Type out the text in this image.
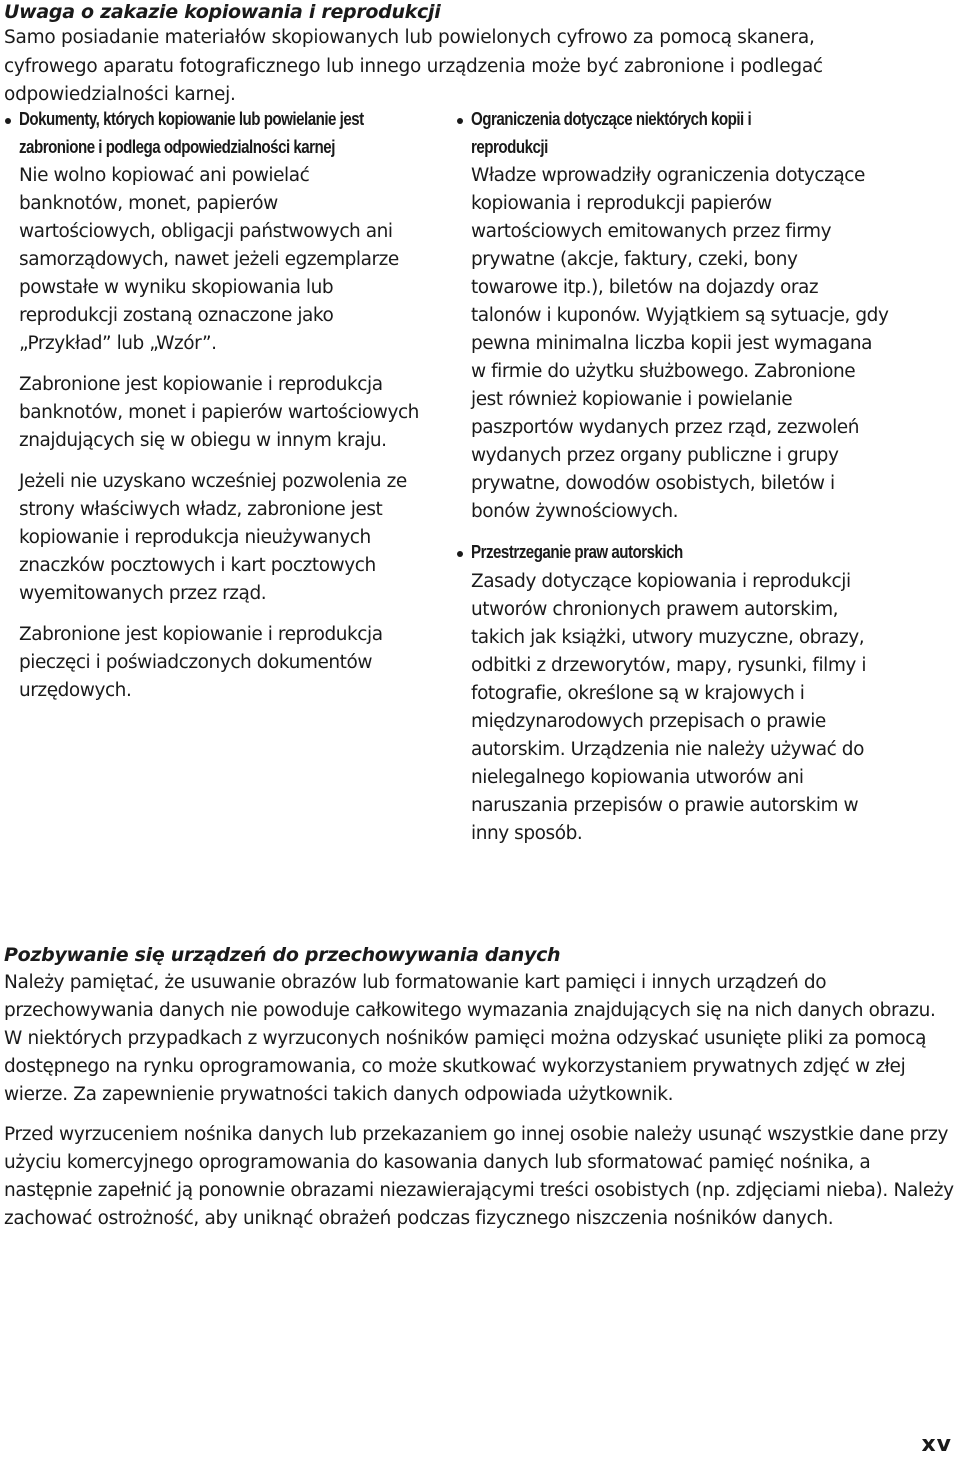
Uwaga o zakazie kopiowania i reprodukcji

Samo posiadanie materiałów skopiowanych lub powielonych cyfrowo za pomocą skanera, cyfrowego aparatu fotograficznego lub innego urządzenia może być zabronione i podlegać odpowiedzialności karnej.

Dokumenty, których kopiowanie lub powielanie jest zabronione i podlega odpowiedzialności karnej

Nie wolno kopiować ani powielać banknotów, monet, papierów wartościowych, obligacji państwowych ani samorządowych, nawet jeżeli egzemplarze powstałe w wyniku skopiowania lub reprodukcji zostaną oznaczone jako „Przykład” lub „Wzór”.

Zabronione jest kopiowanie i reprodukcja banknotów, monet i papierów wartościowych znajdujących się w obiegu w innym kraju.

Jeżeli nie uzyskano wcześniej pozwolenia ze strony właściwych władz, zabronione jest kopiowanie i reprodukcja nieużywanych znaczków pocztowych i kart pocztowych wyemitowanych przez rząd.

Zabronione jest kopiowanie i reprodukcja pieczęci i poświadczonych dokumentów urzędowych.

Ograniczenia dotyczące niektórych kopii i reprodukcji

Władze wprowadziły ograniczenia dotyczące kopiowania i reprodukcji papierów wartościowych emitowanych przez firmy prywatne (akcje, faktury, czeki, bony towarowe itp.), biletów na dojazdy oraz talonów i kuponów. Wyjątkiem są sytuacje, gdy pewna minimalna liczba kopii jest wymagana w firmie do użytku służbowego. Zabronione jest również kopiowanie i powielanie paszportów wydanych przez rząd, zezwoleń wydanych przez organy publiczne i grupy prywatne, dowodów osobistych, biletów i bonów żywnościowych.

Przestrzeganie praw autorskich

Zasady dotyczące kopiowania i reprodukcji utworów chronionych prawem autorskim, takich jak książki, utwory muzyczne, obrazy, odbitki z drzeworytów, mapy, rysunki, filmy i fotografie, określone są w krajowych i międzynarodowych przepisach o prawie autorskim. Urządzenia nie należy używać do nielegalnego kopiowania utworów ani naruszania przepisów o prawie autorskim w inny sposób.

Pozbywanie się urządzeń do przechowywania danych

Należy pamiętać, że usuwanie obrazów lub formatowanie kart pamięci i innych urządzeń do przechowywania danych nie powoduje całkowitego wymazania znajdujących się na nich danych obrazu. W niektórych przypadkach z wyrzuconych nośników pamięci można odzyskać usunięte pliki za pomocą dostępnego na rynku oprogramowania, co może skutkować wykorzystaniem prywatnych zdjęć w złej wierze. Za zapewnienie prywatności takich danych odpowiada użytkownik.

Przed wyrzuceniem nośnika danych lub przekazaniem go innej osobie należy usunąć wszystkie dane przy użyciu komercyjnego oprogramowania do kasowania danych lub sformatować pamięć nośnika, a następnie zapełnić ją ponownie obrazami niezawierającymi treści osobistych (np. zdjęciami nieba). Należy zachować ostrożność, aby uniknąć obrażeń podczas fizycznego niszczenia nośników danych.

xv
